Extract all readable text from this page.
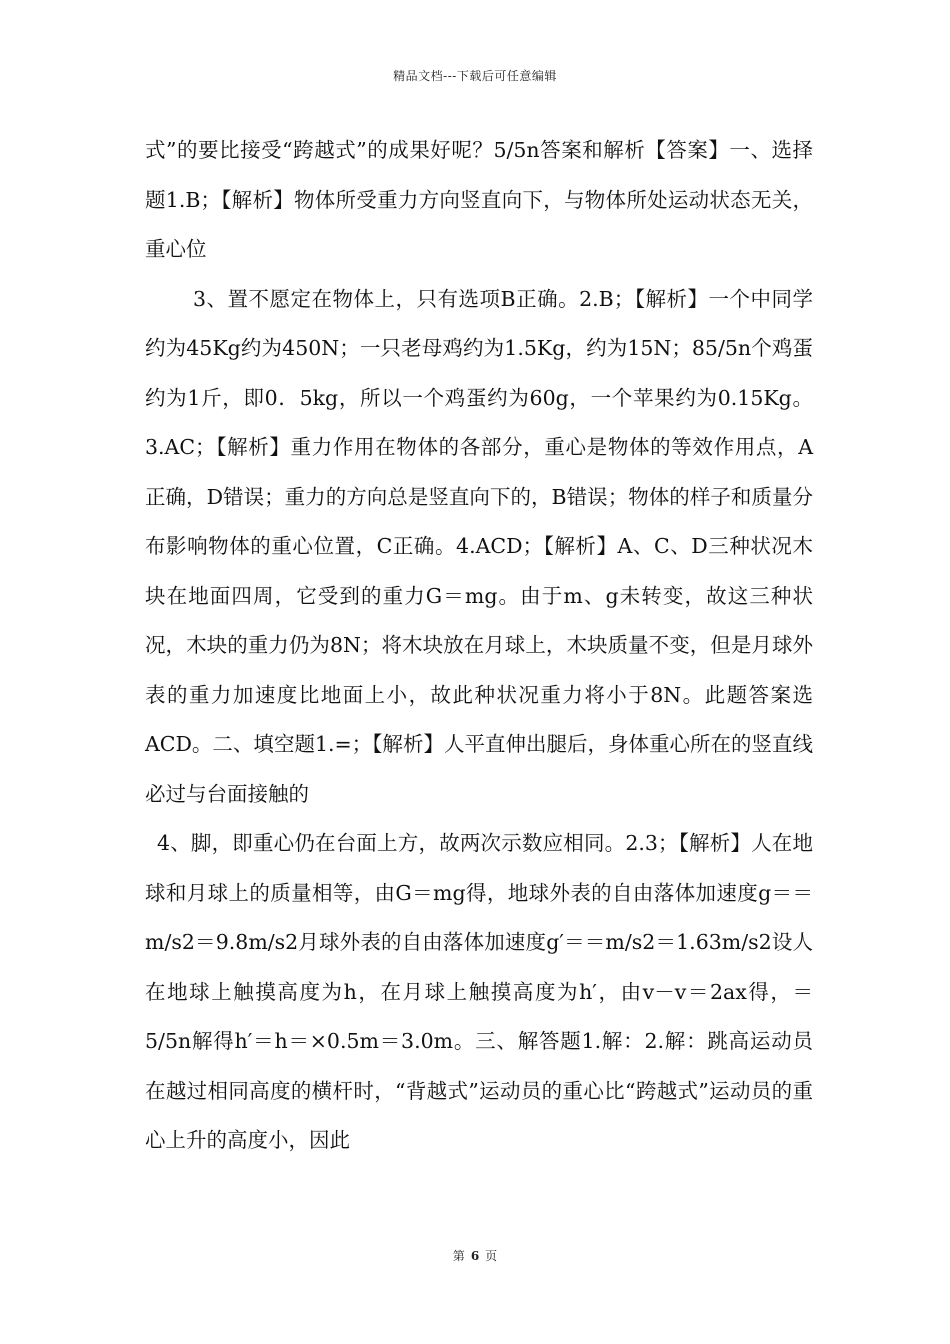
精品文档---下载后可任意编辑

式”的要比接受“跨越式”的成果好呢？5/5n答案和解析【答案】一、选择题1.B；【解析】物体所受重力方向竖直向下，与物体所处运动状态无关，重心位

3、置不愿定在物体上，只有选项B正确。2.B；【解析】一个中同学约为45Kg约为450N；一只老母鸡约为1.5Kg，约为15N；85/5n个鸡蛋约为1斤，即0．5kg，所以一个鸡蛋约为60g，一个苹果约为0.15Kg。3.AC；【解析】重力作用在物体的各部分，重心是物体的等效作用点，A正确，D错误；重力的方向总是竖直向下的，B错误；物体的样子和质量分布影响物体的重心位置，C正确。4.ACD；【解析】A、C、D三种状况木块在地面四周，它受到的重力G＝mg。由于m、g未转变，故这三种状况，木块的重力仍为8N；将木块放在月球上，木块质量不变，但是月球外表的重力加速度比地面上小，故此种状况重力将小于8N。此题答案选ACD。二、填空题1.=；【解析】人平直伸出腿后，身体重心所在的竖直线必过与台面接触的

4、脚，即重心仍在台面上方，故两次示数应相同。2.3；【解析】人在地球和月球上的质量相等，由G＝mg得，地球外表的自由落体加速度g＝＝m/s2＝9.8m/s2月球外表的自由落体加速度g′＝＝m/s2＝1.63m/s2设人在地球上触摸高度为h，在月球上触摸高度为h′，由v－v＝2ax得，＝5/5n解得h′＝h＝×0.5m＝3.0m。三、解答题1.解：2.解：跳高运动员在越过相同高度的横杆时，“背越式”运动员的重心比“跨越式”运动员的重心上升的高度小，因此

第 6 页
